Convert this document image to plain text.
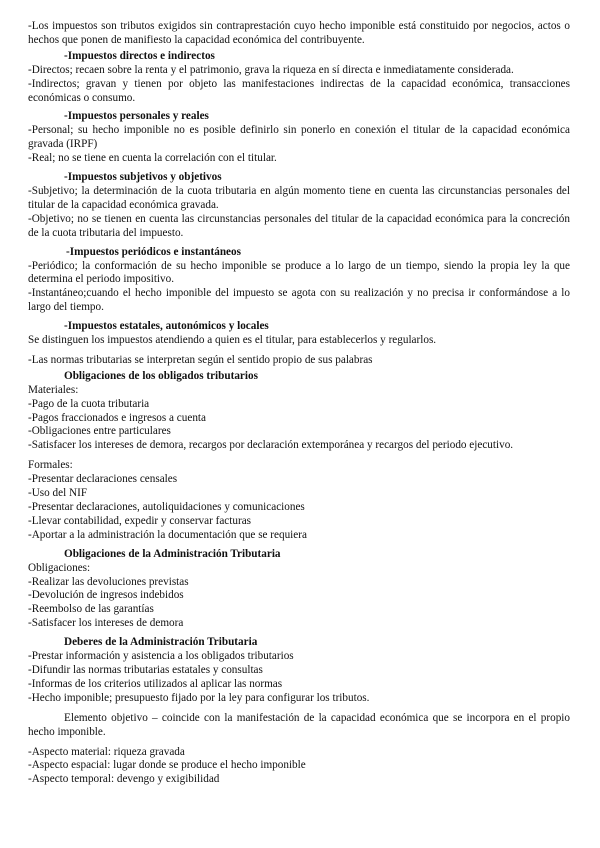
-Los impuestos son tributos exigidos sin contraprestación cuyo hecho imponible está constituido por negocios, actos o hechos que ponen de manifiesto la capacidad económica del contribuyente.

-Impuestos directos e indirectos

-Directos; recaen sobre la renta y el patrimonio, grava la riqueza en sí directa e inmediatamente considerada.

-Indirectos; gravan y tienen por objeto las manifestaciones indirectas de la capacidad económica, transacciones económicas o consumo.

-Impuestos personales y reales

-Personal; su hecho imponible no es posible definirlo sin ponerlo en conexión el titular de la capacidad económica gravada (IRPF)

-Real; no se tiene en cuenta la correlación con el titular.

-Impuestos subjetivos y objetivos

-Subjetivo; la determinación de la cuota tributaria en algún momento tiene en cuenta las circunstancias personales del titular de la capacidad económica gravada.

-Objetivo; no se tienen en cuenta las circunstancias personales del titular de la capacidad económica para la concreción de la cuota tributaria del impuesto.

-Impuestos periódicos e instantáneos

-Periódico; la conformación de su hecho imponible se produce a lo largo de un tiempo, siendo la propia ley la que determina el periodo impositivo.

-Instantáneo;cuando el hecho imponible del impuesto se agota con su realización y no precisa ir conformándose a lo largo del tiempo.

-Impuestos estatales, autonómicos y locales

Se distinguen los impuestos atendiendo a quien es el titular, para establecerlos y regularlos.

-Las normas tributarias se interpretan según el sentido propio de sus palabras

Obligaciones de los obligados tributarios

Materiales:

-Pago de la cuota tributaria

-Pagos fraccionados e ingresos a cuenta

-Obligaciones entre particulares

-Satisfacer los intereses de demora, recargos por declaración extemporánea y recargos del periodo ejecutivo.

Formales:

-Presentar declaraciones censales

-Uso del NIF

-Presentar declaraciones, autoliquidaciones y comunicaciones

-Llevar contabilidad, expedir y conservar facturas

-Aportar a la administración la documentación que se requiera

Obligaciones de la Administración Tributaria

Obligaciones:

-Realizar las devoluciones previstas

-Devolución de ingresos indebidos

-Reembolso de las garantías

-Satisfacer los intereses de demora

Deberes de la Administración Tributaria

-Prestar información y asistencia a los obligados tributarios

-Difundir las normas tributarias estatales y consultas

-Informas de los criterios utilizados al aplicar las normas

-Hecho imponible; presupuesto fijado por la ley para configurar los tributos.

Elemento objetivo – coincide con la manifestación de la capacidad económica que se incorpora en el propio hecho imponible.

-Aspecto material: riqueza gravada

-Aspecto espacial: lugar donde se produce el hecho imponible

-Aspecto temporal: devengo y exigibilidad
